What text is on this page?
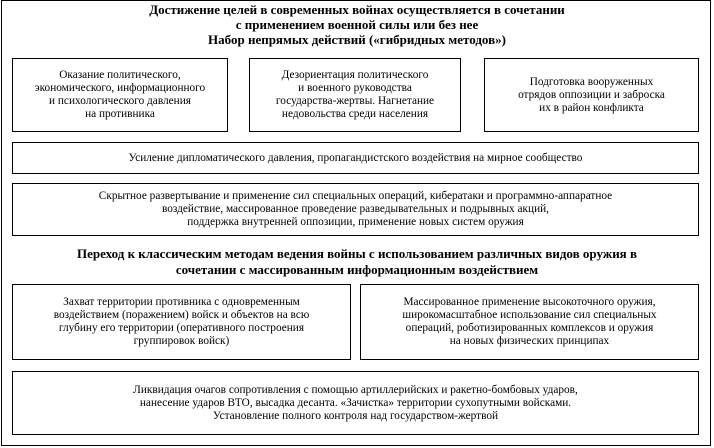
Достижение целей в современных войнах осуществляется в сочетании
с применением военной силы или без нее
Набор непрямых действий («гибридных методов»)
Оказание политического,
экономического, информационного
и психологического давления
на противника
Дезориентация политического
и военного руководства
государства-жертвы. Нагнетание
недовольства среди населения
Подготовка вооруженных
отрядов оппозиции и заброска
их в район конфликта
Усиление дипломатического давления, пропагандистского воздействия на мирное сообщество
Скрытное развертывание и применение сил специальных операций, кибератаки и программно-аппаратное
воздействие, массированное проведение разведывательных и подрывных акций,
поддержка внутренней оппозиции, применение новых систем оружия
Переход к классическим методам ведения войны с использованием различных видов оружия в
сочетании с массированным информационным воздействием
Захват территории противника с одновременным
воздействием (поражением) войск и объектов на всю
глубину его территории (оперативного построения
группировок войск)
Массированное применение высокоточного оружия,
широкомасштабное использование сил специальных
операций, роботизированных комплексов и оружия
на новых физических принципах
Ликвидация очагов сопротивления с помощью артиллерийских и ракетно-бомбовых ударов,
нанесение ударов ВТО, высадка десанта. «Зачистка» территории сухопутными войсками.
Установление полного контроля над государством-жертвой
